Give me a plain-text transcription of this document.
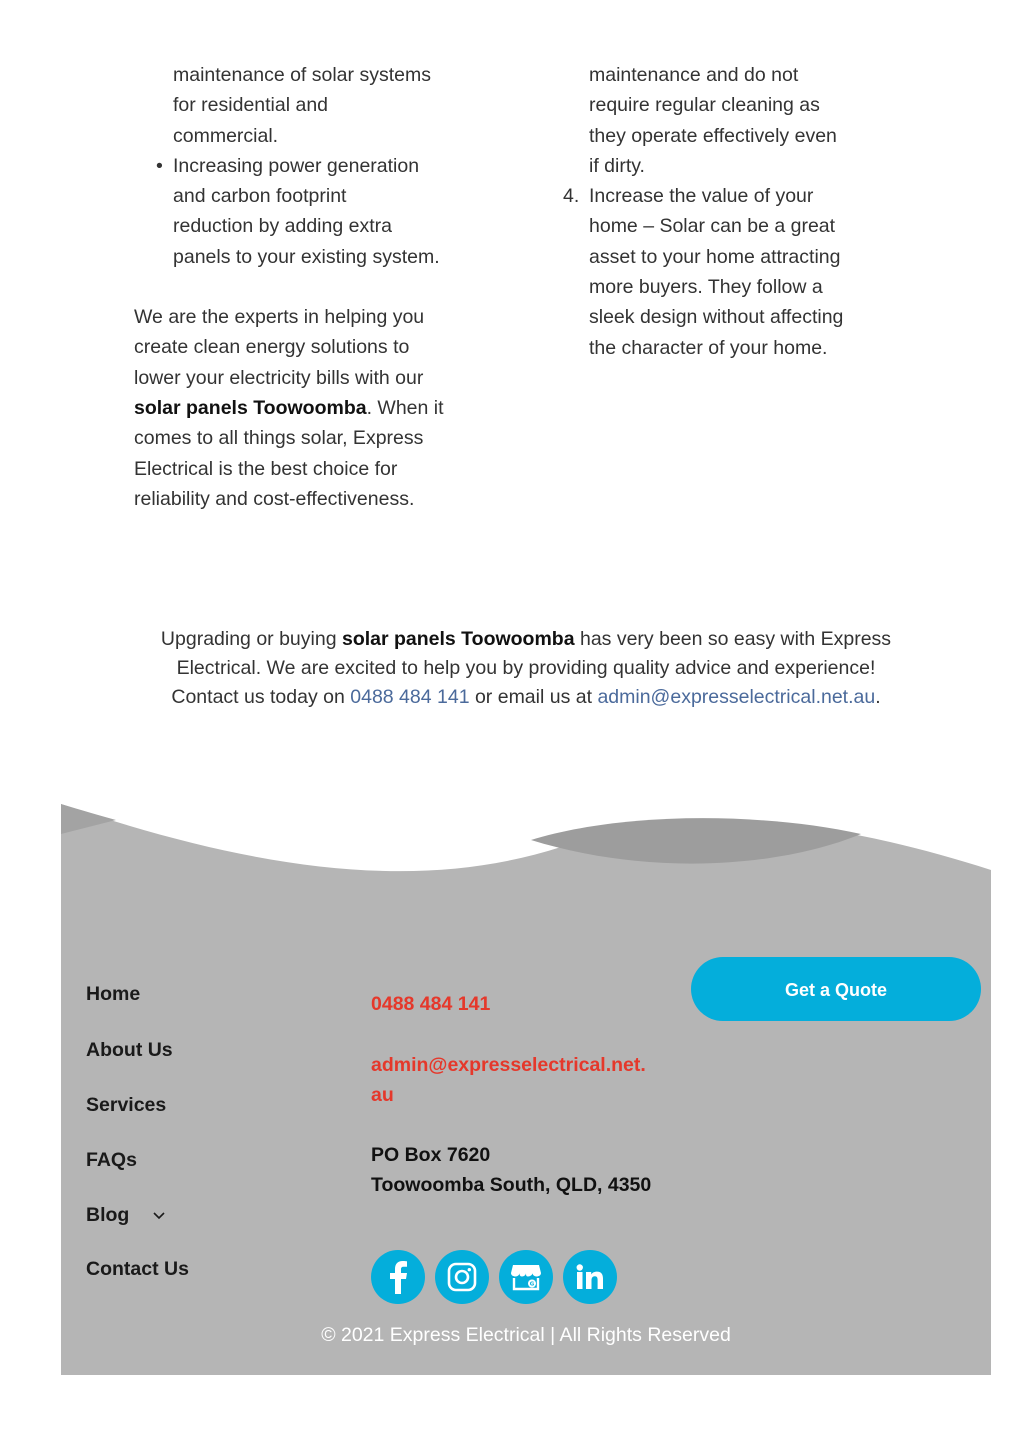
maintenance of solar systems
for residential and
commercial.
• Increasing power generation
and carbon footprint
reduction by adding extra
panels to your existing system.
We are the experts in helping you
create clean energy solutions to
lower your electricity bills with our
solar panels Toowoomba. When it
comes to all things solar, Express
Electrical is the best choice for
reliability and cost-effectiveness.
maintenance and do not
require regular cleaning as
they operate effectively even
if dirty.
4. Increase the value of your
home – Solar can be a great
asset to your home attracting
more buyers. They follow a
sleek design without affecting
the character of your home.
Upgrading or buying solar panels Toowoomba has very been so easy with Express
Electrical. We are excited to help you by providing quality advice and experience!
Contact us today on 0488 484 141 or email us at admin@expresselectrical.net.au.
Home
About Us
Services
FAQs
Blog
Contact Us
0488 484 141
admin@expresselectrical.net.
au
PO Box 7620
Toowoomba South, QLD, 4350
Get a Quote
G
© 2021 Express Electrical | All Rights Reserved
